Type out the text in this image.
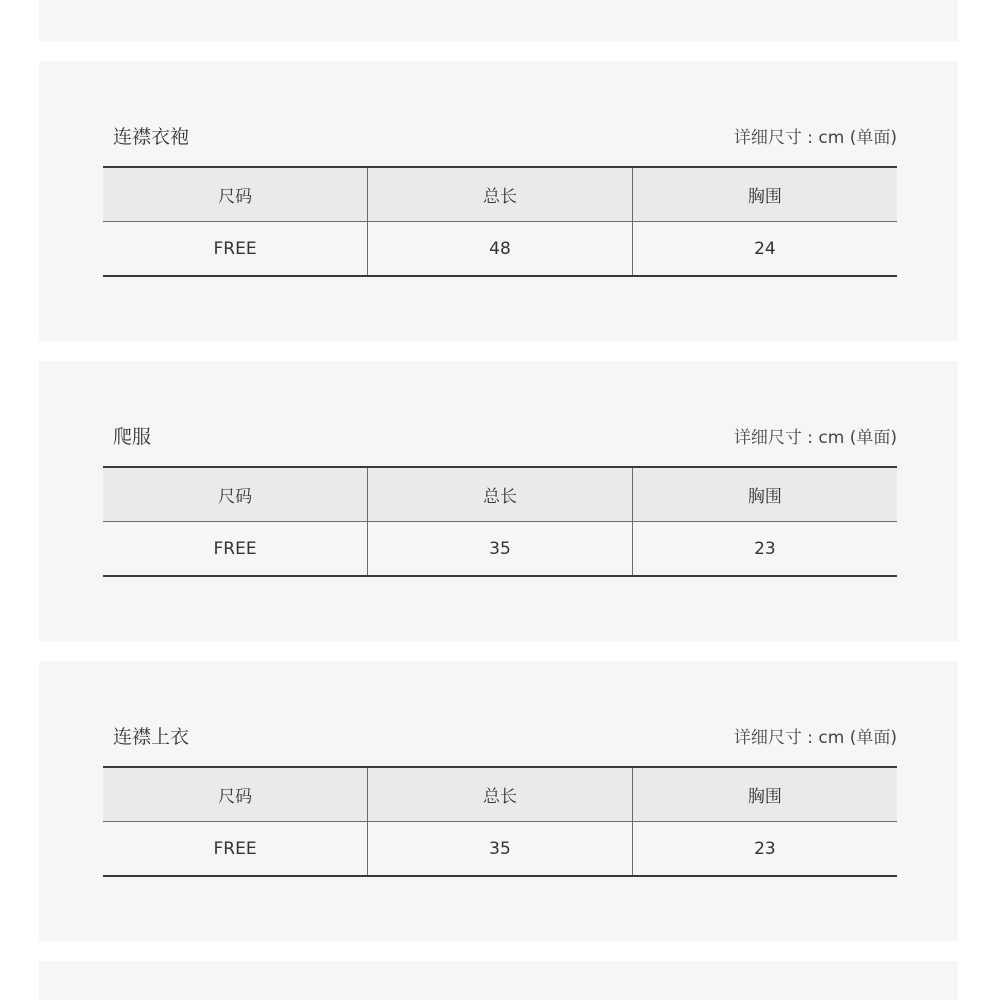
连襟衣袍	详细尺寸 : cm (单面)
尺码	总长	胸围
FREE	48	24
爬服	详细尺寸 : cm (单面)
尺码	总长	胸围
FREE	35	23
连襟上衣	详细尺寸 : cm (单面)
尺码	总长	胸围
FREE	35	23
